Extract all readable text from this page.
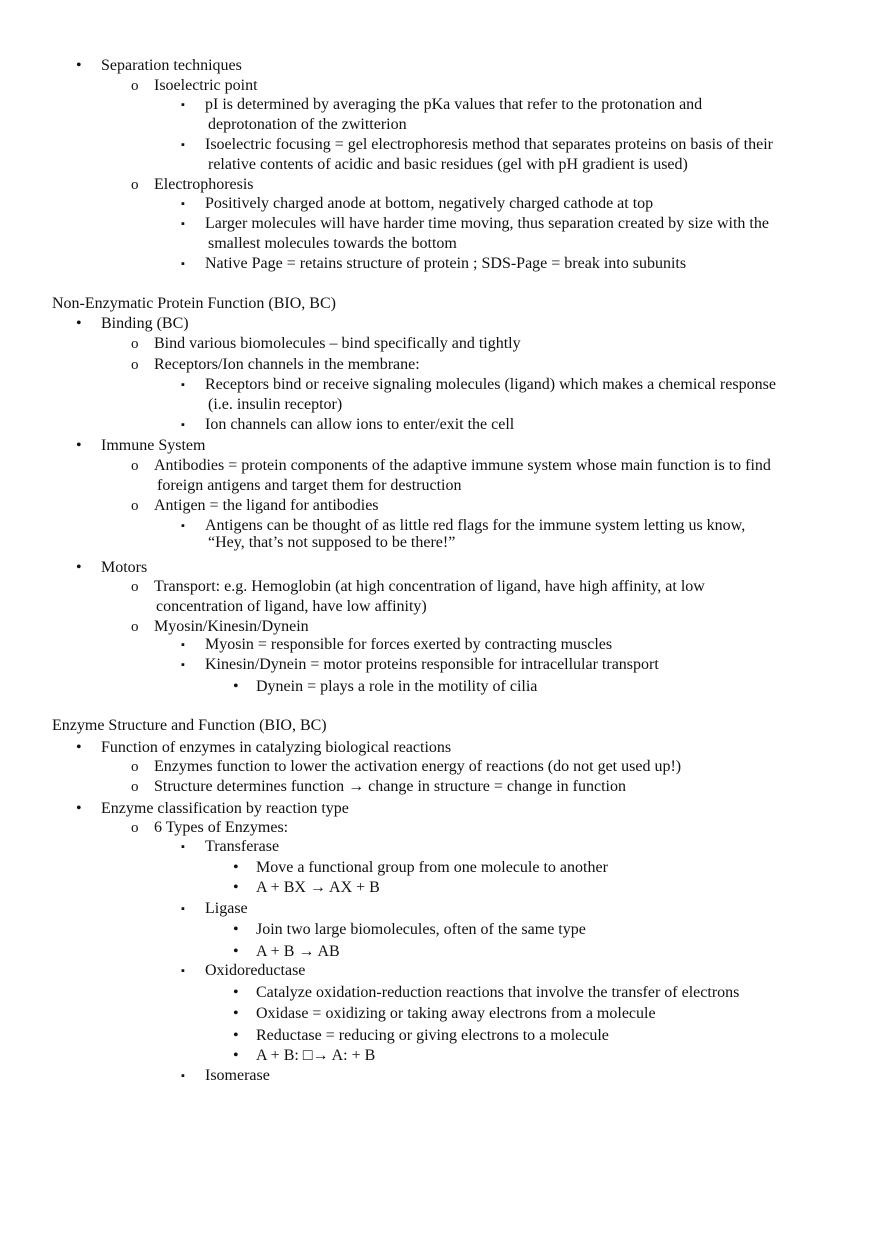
• Separation techniques
o Isoelectric point
▪ pI is determined by averaging the pKa values that refer to the protonation and
deprotonation of the zwitterion
▪ Isoelectric focusing = gel electrophoresis method that separates proteins on basis of their
relative contents of acidic and basic residues (gel with pH gradient is used)
o Electrophoresis
▪ Positively charged anode at bottom, negatively charged cathode at top
▪ Larger molecules will have harder time moving, thus separation created by size with the
smallest molecules towards the bottom
▪ Native Page = retains structure of protein ; SDS-Page = break into subunits
Non-Enzymatic Protein Function (BIO, BC)
• Binding (BC)
o Bind various biomolecules – bind specifically and tightly
o Receptors/Ion channels in the membrane:
▪ Receptors bind or receive signaling molecules (ligand) which makes a chemical response
(i.e. insulin receptor)
▪ Ion channels can allow ions to enter/exit the cell
• Immune System
o Antibodies = protein components of the adaptive immune system whose main function is to find
foreign antigens and target them for destruction
o Antigen = the ligand for antibodies
▪ Antigens can be thought of as little red flags for the immune system letting us know,
“Hey, that’s not supposed to be there!”
• Motors
o Transport: e.g. Hemoglobin (at high concentration of ligand, have high affinity, at low
concentration of ligand, have low affinity)
o Myosin/Kinesin/Dynein
▪ Myosin = responsible for forces exerted by contracting muscles
▪ Kinesin/Dynein = motor proteins responsible for intracellular transport
• Dynein = plays a role in the motility of cilia
Enzyme Structure and Function (BIO, BC)
• Function of enzymes in catalyzing biological reactions
o Enzymes function to lower the activation energy of reactions (do not get used up!)
o Structure determines function → change in structure = change in function
• Enzyme classification by reaction type
o 6 Types of Enzymes:
▪ Transferase
• Move a functional group from one molecule to another
• A + BX → AX + B
▪ Ligase
• Join two large biomolecules, often of the same type
• A + B → AB
▪ Oxidoreductase
• Catalyze oxidation-reduction reactions that involve the transfer of electrons
• Oxidase = oxidizing or taking away electrons from a molecule
• Reductase = reducing or giving electrons to a molecule
• A + B: □→ A: + B
▪ Isomerase
